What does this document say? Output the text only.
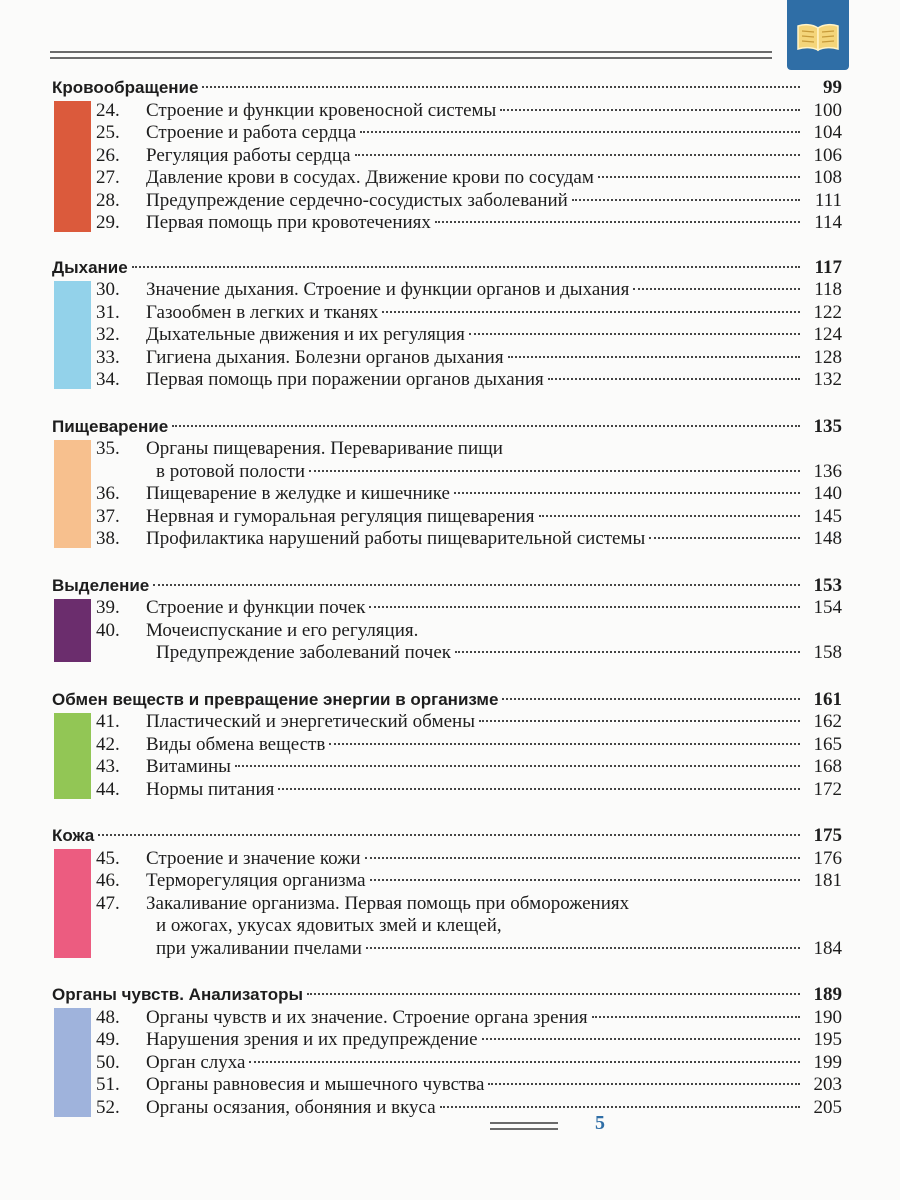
Кровообращение	99
24.	Строение и функции кровеносной системы	100
25.	Строение и работа сердца	104
26.	Регуляция работы сердца	106
27.	Давление крови в сосудах. Движение крови по сосудам	108
28.	Предупреждение сердечно-сосудистых заболеваний	111
29.	Первая помощь при кровотечениях	114
Дыхание	117
30.	Значение дыхания. Строение и функции органов и дыхания	118
31.	Газообмен в легких и тканях	122
32.	Дыхательные движения и их регуляция	124
33.	Гигиена дыхания. Болезни органов дыхания	128
34.	Первая помощь при поражении органов дыхания	132
Пищеварение	135
35.	Органы пищеварения. Переваривание пищи
в ротовой полости	136
36.	Пищеварение в желудке и кишечнике	140
37.	Нервная и гуморальная регуляция пищеварения	145
38.	Профилактика нарушений работы пищеварительной системы	148
Выделение	153
39.	Строение и функции почек	154
40.	Мочеиспускание и его регуляция.
Предупреждение заболеваний почек	158
Обмен веществ и превращение энергии в организме	161
41.	Пластический и энергетический обмены	162
42.	Виды обмена веществ	165
43.	Витамины	168
44.	Нормы питания	172
Кожа	175
45.	Строение и значение кожи	176
46.	Терморегуляция организма	181
47.	Закаливание организма. Первая помощь при обморожениях
и ожогах, укусах ядовитых змей и клещей,
при ужаливании пчелами	184
Органы чувств. Анализаторы	189
48.	Органы чувств и их значение. Строение органа зрения	190
49.	Нарушения зрения и их предупреждение	195
50.	Орган слуха	199
51.	Органы равновесия и мышечного чувства	203
52.	Органы осязания, обоняния и вкуса	205
5
